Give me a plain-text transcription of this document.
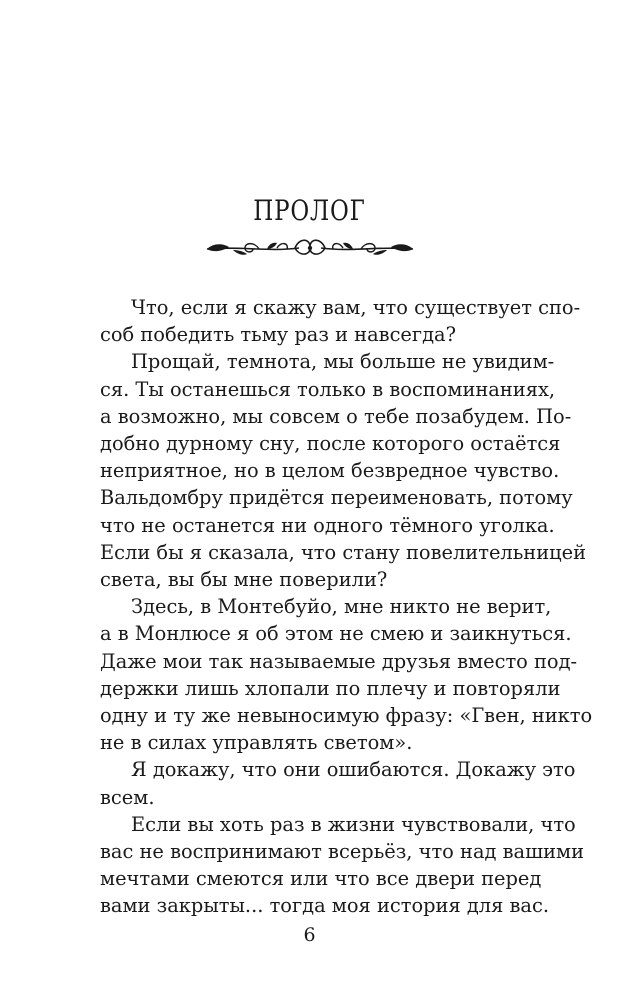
ПРОЛОГ
Что, если я скажу вам, что существует спо-
соб победить тьму раз и навсегда?
Прощай, темнота, мы больше не увидим-
ся. Ты останешься только в воспоминаниях,
а возможно, мы совсем о тебе позабудем. По-
добно дурному сну, после которого остаётся
неприятное, но в целом безвредное чувство.
Вальдомбру придётся переименовать, потому
что не останется ни одного тёмного уголка.
Если бы я сказала, что стану повелительницей
света, вы бы мне поверили?
Здесь, в Монтебуйо, мне никто не верит,
а в Монлюсе я об этом не смею и заикнуться.
Даже мои так называемые друзья вместо под-
держки лишь хлопали по плечу и повторяли
одну и ту же невыносимую фразу: «Гвен, никто
не в силах управлять светом».
Я докажу, что они ошибаются. Докажу это
всем.
Если вы хоть раз в жизни чувствовали, что
вас не воспринимают всерьёз, что над вашими
мечтами смеются или что все двери перед
вами закрыты... тогда моя история для вас.
6
